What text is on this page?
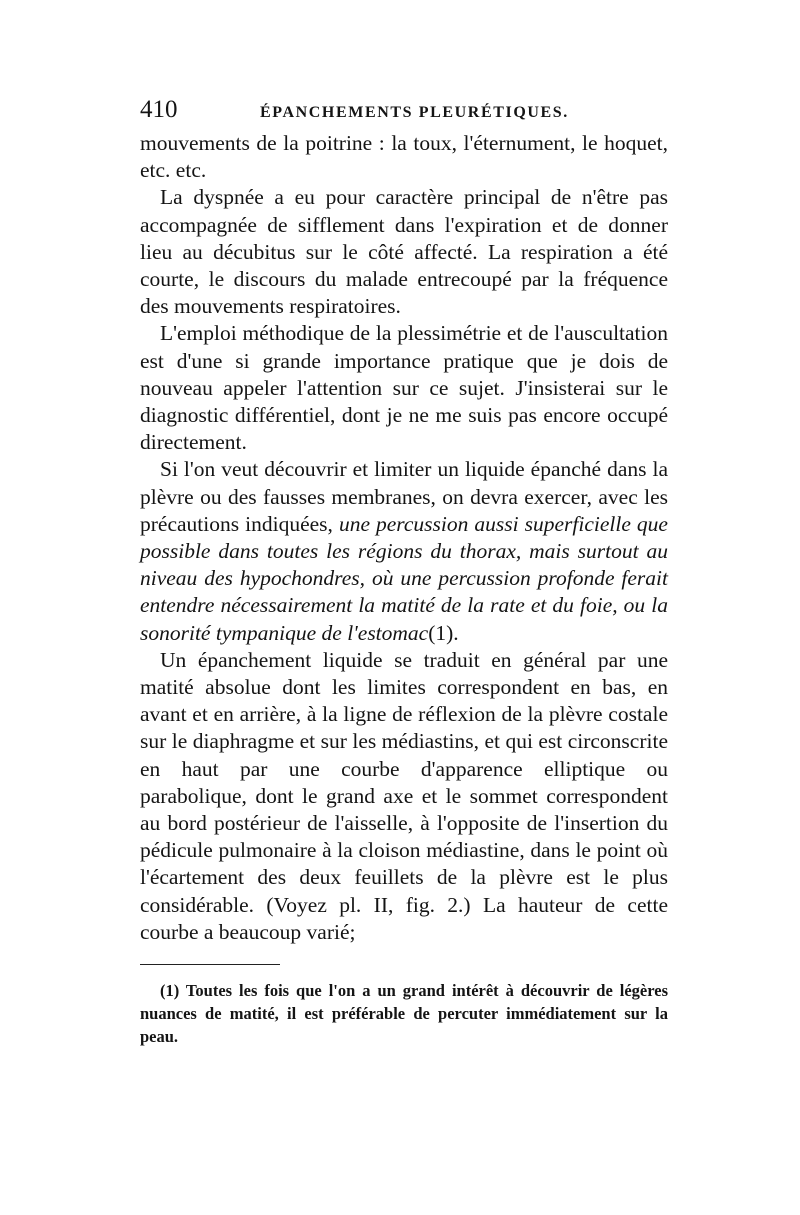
410	ÉPANCHEMENTS PLEURÉTIQUES.

mouvements de la poitrine : la toux, l'éternument, le hoquet, etc. etc.

La dyspnée a eu pour caractère principal de n'être pas accompagnée de sifflement dans l'expiration et de donner lieu au décubitus sur le côté affecté. La respiration a été courte, le discours du malade entrecoupé par la fréquence des mouvements respiratoires.

L'emploi méthodique de la plessimétrie et de l'auscultation est d'une si grande importance pratique que je dois de nouveau appeler l'attention sur ce sujet. J'insisterai sur le diagnostic différentiel, dont je ne me suis pas encore occupé directement.

Si l'on veut découvrir et limiter un liquide épanché dans la plèvre ou des fausses membranes, on devra exercer, avec les précautions indiquées, une percussion aussi superficielle que possible dans toutes les régions du thorax, mais surtout au niveau des hypochondres, où une percussion profonde ferait entendre nécessairement la matité de la rate et du foie, ou la sonorité tympanique de l'estomac(1).

Un épanchement liquide se traduit en général par une matité absolue dont les limites correspondent en bas, en avant et en arrière, à la ligne de réflexion de la plèvre costale sur le diaphragme et sur les médiastins, et qui est circonscrite en haut par une courbe d'apparence elliptique ou parabolique, dont le grand axe et le sommet correspondent au bord postérieur de l'aisselle, à l'opposite de l'insertion du pédicule pulmonaire à la cloison médiastine, dans le point où l'écartement des deux feuillets de la plèvre est le plus considérable. (Voyez pl. II, fig. 2.) La hauteur de cette courbe a beaucoup varié;

(1) Toutes les fois que l'on a un grand intérêt à découvrir de légères nuances de matité, il est préférable de percuter immédiatement sur la peau.
